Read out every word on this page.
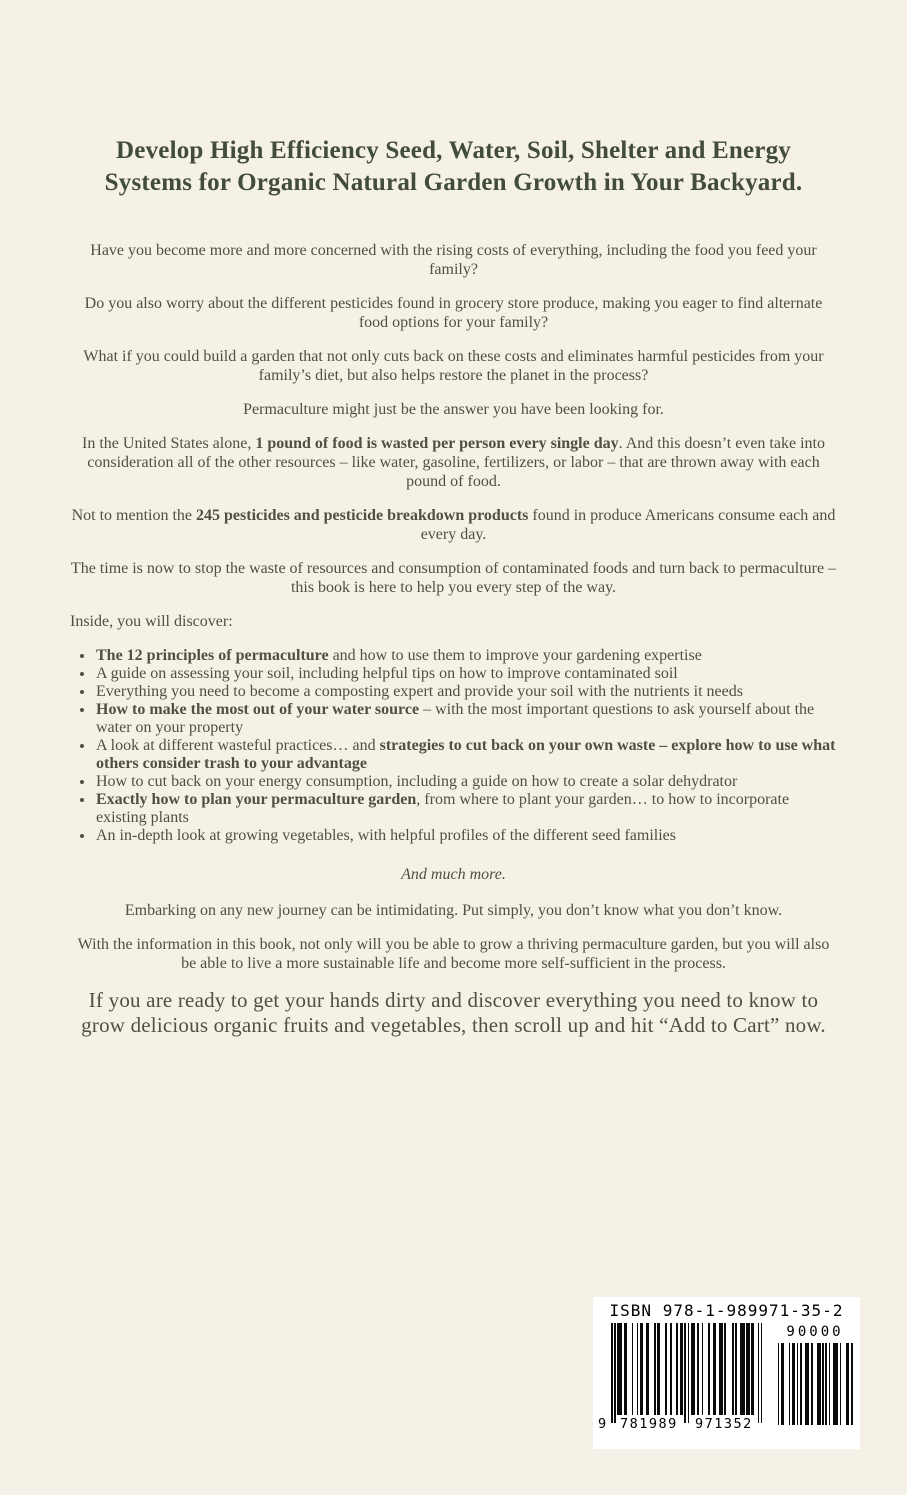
Develop High Efficiency Seed, Water, Soil, Shelter and Energy
Systems for Organic Natural Garden Growth in Your Backyard.

Have you become more and more concerned with the rising costs of everything, including the food you feed your family?

Do you also worry about the different pesticides found in grocery store produce, making you eager to find alternate food options for your family?

What if you could build a garden that not only cuts back on these costs and eliminates harmful pesticides from your family’s diet, but also helps restore the planet in the process?

Permaculture might just be the answer you have been looking for.

In the United States alone, 1 pound of food is wasted per person every single day. And this doesn’t even take into consideration all of the other resources – like water, gasoline, fertilizers, or labor – that are thrown away with each pound of food.

Not to mention the 245 pesticides and pesticide breakdown products found in produce Americans consume each and every day.

The time is now to stop the waste of resources and consumption of contaminated foods and turn back to permaculture – this book is here to help you every step of the way.

Inside, you will discover:

The 12 principles of permaculture and how to use them to improve your gardening expertise
A guide on assessing your soil, including helpful tips on how to improve contaminated soil
Everything you need to become a composting expert and provide your soil with the nutrients it needs
How to make the most out of your water source – with the most important questions to ask yourself about the water on your property
A look at different wasteful practices… and strategies to cut back on your own waste – explore how to use what others consider trash to your advantage
How to cut back on your energy consumption, including a guide on how to create a solar dehydrator
Exactly how to plan your permaculture garden, from where to plant your garden… to how to incorporate existing plants
An in-depth look at growing vegetables, with helpful profiles of the different seed families

And much more.

Embarking on any new journey can be intimidating. Put simply, you don’t know what you don’t know.

With the information in this book, not only will you be able to grow a thriving permaculture garden, but you will also be able to live a more sustainable life and become more self-sufficient in the process.

If you are ready to get your hands dirty and discover everything you need to know to grow delicious organic fruits and vegetables, then scroll up and hit “Add to Cart” now.

ISBN 978-1-989971-35-2
9 781989 971352
90000
